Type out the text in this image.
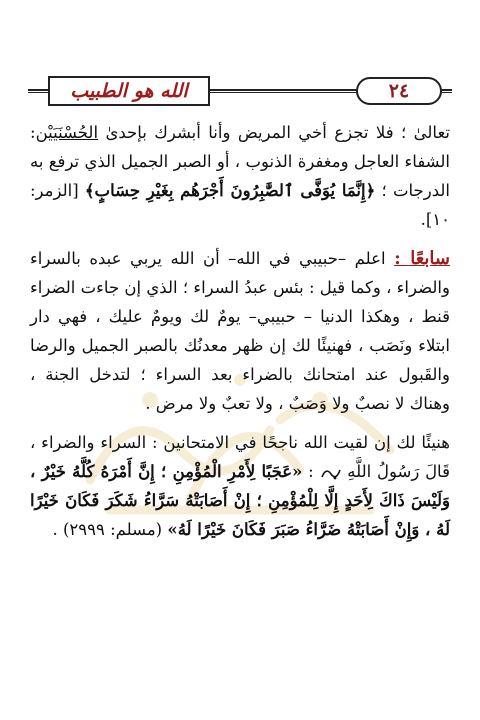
الله هو الطبيب	٢٤

تعالىٰ ؛ فلا تجزع أخي المريض وأنا أبشرك بإحدىٰ الحُسْنَيَيْن: الشفاء العاجل ومغفرة الذنوب ، أو الصبر الجميل الذي ترفع به الدرجات ؛ ﴿إِنَّمَا يُوَفَّى ٱلصَّٰبِرُونَ أَجْرَهُم بِغَيْرِ حِسَابٍ﴾ [الزمر: ١٠].

سابعًا : اعلم –حبيبي في الله– أن الله يربي عبده بالسراء والضراء ، وكما قيل : بئس عبدُ السراء ؛ الذي إن جاءت الضراء قنط ، وهكذا الدنيا – حبيبي– يومٌ لك ويومٌ عليك ، فهي دار ابتلاء ونَصَب ، فهنيئًا لك إن ظهر معدنُك بالصبر الجميل والرضا والقَبول عند امتحانك بالضراء بعد السراء ؛ لتدخل الجنة ، وهناك لا نصبٌ ولا وَصَبٌ ، ولا تعبٌ ولا مرض .

هنيئًا لك إن لقيت الله ناجحًا في الامتحانين : السراء والضراء ، قَالَ رَسُولُ اللَّهِ  : «عَجَبًا لِأَمْرِ الْمُؤْمِنِ ؛ إِنَّ أَمْرَهُ كُلَّهُ خَيْرٌ ، وَلَيْسَ ذَاكَ لِأَحَدٍ إِلَّا لِلْمُؤْمِنِ ؛ إِنْ أَصَابَتْهُ سَرَّاءُ شَكَرَ فَكَانَ خَيْرًا لَهُ ، وَإِنْ أَصَابَتْهُ ضَرَّاءُ صَبَرَ فَكَانَ خَيْرًا لَهُ» (مسلم: ٢٩٩٩) .
